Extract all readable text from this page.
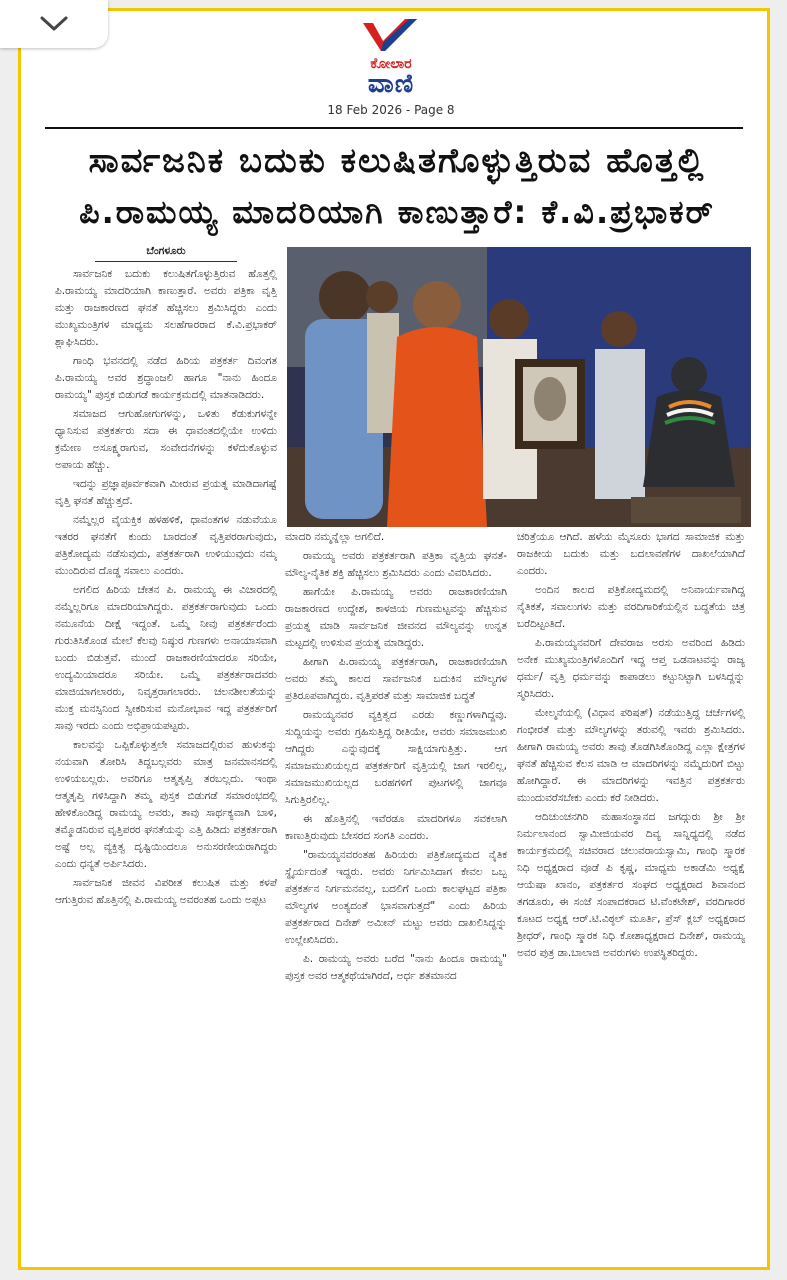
ಕೋಲಾರ
ವಾಣಿ
18 Feb 2026 - Page 8
ಸಾರ್ವಜನಿಕ ಬದುಕು ಕಲುಷಿತಗೊಳ್ಳುತ್ತಿರುವ ಹೊತ್ತಲ್ಲಿ
ಪಿ.ರಾಮಯ್ಯ ಮಾದರಿಯಾಗಿ ಕಾಣುತ್ತಾರೆ: ಕೆ.ವಿ.ಪ್ರಭಾಕರ್
ಬೆಂಗಳೂರು

ಸಾರ್ವಜನಿಕ ಬದುಕು ಕಲುಷಿತಗೊಳ್ಳುತ್ತಿರುವ ಹೊತ್ತಲ್ಲಿ ಪಿ.ರಾಮಯ್ಯ ಮಾದರಿಯಾಗಿ ಕಾಣುತ್ತಾರೆ. ಅವರು ಪತ್ರಿಕಾ ವೃತ್ತಿ ಮತ್ತು ರಾಜಕಾರಣದ ಘನತೆ ಹೆಚ್ಚಿಸಲು ಶ್ರಮಿಸಿದ್ದರು ಎಂದು ಮುಖ್ಯಮಂತ್ರಿಗಳ ಮಾಧ್ಯಮ ಸಲಹೆಗಾರರಾದ ಕೆ.ವಿ.ಪ್ರಭಾಕರ್ ಶ್ಲಾಘಿಸಿದರು.

ಗಾಂಧಿ ಭವನದಲ್ಲಿ ನಡೆದ ಹಿರಿಯ ಪತ್ರಕರ್ತ ದಿವಂಗತ ಪಿ.ರಾಮಯ್ಯ ಅವರ ಶ್ರದ್ಧಾಂಜಲಿ ಹಾಗೂ "ನಾನು ಹಿಂದೂ ರಾಮಯ್ಯ" ಪುಸ್ತಕ ಬಿಡುಗಡೆ ಕಾರ್ಯಕ್ರಮದಲ್ಲಿ ಮಾತನಾಡಿದರು.

ಸಮಾಜದ ಆಗುಹೋಗುಗಳನ್ನು, ಒಳಿತು ಕೆಡುಕುಗಳನ್ನೇ ಧ್ಯಾನಿಸುವ ಪತ್ರಕರ್ತರು ಸದಾ ಈ ಧಾವಂತದಲ್ಲಿಯೇ ಉಳಿದು ಕ್ರಮೇಣ ಅಸೂಕ್ಷ್ಮರಾಗುವ, ಸಂವೇದನೆಗಳನ್ನು ಕಳೆದುಕೊಳ್ಳುವ ಅಪಾಯ ಹೆಚ್ಚು.

ಇದನ್ನು ಪ್ರಜ್ಞಾಪೂರ್ವಕವಾಗಿ ಮೀರುವ ಪ್ರಯತ್ನ ಮಾಡಿದಾಗಷ್ಟೆ ವೃತ್ತಿ ಘನತೆ ಹೆಚ್ಚುತ್ತದೆ.

ನಮ್ಮೆಲ್ಲರ ವೈಯಕ್ತಿಕ ಹಳಹಳಿಕೆ, ಧಾವಂತಗಳ ನಡುವೆಯೂ ಇತರರ ಘನತೆಗೆ ಕುಂದು ಬಾರದಂತೆ ವೃತ್ತಿಪರರಾಗುವುದು, ಪತ್ರಿಕೋದ್ಯಮ ನಡೆಸುವುದು, ಪತ್ರಕರ್ತರಾಗಿ ಉಳಿಯುವುದು ನಮ್ಮ ಮುಂದಿರುವ ದೊಡ್ಡ ಸವಾಲು ಎಂದರು.

ಅಗಲಿದ ಹಿರಿಯ ಚೇತನ ಪಿ. ರಾಮಯ್ಯ ಈ ವಿಚಾರದಲ್ಲಿ ನಮ್ಮೆಲ್ಲರಿಗೂ ಮಾದರಿಯಾಗಿದ್ದರು. ಪತ್ರಕರ್ತರಾಗುವುದು ಒಂದು ನಮೂನೆಯ ದೀಕ್ಷೆ ಇದ್ದಂತೆ. ಒಮ್ಮೆ ನೀವು ಪತ್ರಕರ್ತರೆಂದು ಗುರುತಿಸಿಕೊಂಡ ಮೇಲೆ ಕೆಲವು ನಿಷ್ಠುರ ಗುಣಗಳು ಅನಾಯಾಸವಾಗಿ ಬಂದು ಬಿಡುತ್ತವೆ. ಮುಂದೆ ರಾಜಕಾರಣಿಯಾದರೂ ಸರಿಯೇ, ಉದ್ಯಮಿಯಾದರೂ ಸರಿಯೇ. ಒಮ್ಮೆ ಪತ್ರಕರ್ತರಾದವರು ಮಾಜಿಯಾಗಲಾರರು, ನಿವೃತ್ತರಾಗಲಾರರು. ಚಲನಶೀಲತೆಯನ್ನು ಮುಕ್ತ ಮನಸ್ಸಿನಿಂದ ಸ್ವೀಕರಿಸುವ ಮನೋಭಾವ ಇದ್ದ ಪತ್ರಕರ್ತರಿಗೆ ಸಾವು ಇರದು ಎಂದು ಅಭಿಪ್ರಾಯಪಟ್ಟರು.

ಕಾಲವನ್ನು ಒಪ್ಪಿಕೊಳ್ಳುತ್ತಲೇ ಸಮಾಜದಲ್ಲಿರುವ ಹುಳುಕನ್ನು ನಯವಾಗಿ ತೋರಿಸಿ ತಿದ್ದಬಲ್ಲವರು ಮಾತ್ರ ಜನಮಾನಸದಲ್ಲಿ ಉಳಿಯಬಲ್ಲರು. ಅವರಿಗೂ ಆತ್ಮತೃಪ್ತಿ ತರಬಲ್ಲದು. ಇಂಥಾ ಆತ್ಮತೃಪ್ತಿ ಗಳಿಸಿದ್ದಾಗಿ ತಮ್ಮ ಪುಸ್ತಕ ಬಿಡುಗಡೆ ಸಮಾರಂಭದಲ್ಲಿ ಹೇಳಿಕೊಂಡಿದ್ದ ರಾಮಯ್ಯ ಅವರು, ತಾವು ಸಾರ್ಥಕ್ಯವಾಗಿ ಬಾಳಿ, ತಮ್ಮೊಡನಿರುವ ವೃತ್ತಿಪರರ ಘನತೆಯನ್ನು ಎತ್ತಿ ಹಿಡಿದು ಪತ್ರಕರ್ತರಾಗಿ ಅಷ್ಟೆ ಅಲ್ಲ ವ್ಯಕ್ತಿತ್ವ ದೃಷ್ಟಿಯಿಂದಲೂ ಅನುಸರಣೀಯರಾಗಿದ್ದರು ಎಂದು ಧನ್ಯತೆ ಅರ್ಪಿಸಿದರು.

ಸಾರ್ವಜನಿಕ ಜೀವನ ವಿಪರೀತ ಕಲುಷಿತ ಮತ್ತು ಕಳಪೆ ಆಗುತ್ತಿರುವ ಹೊತ್ತಿನಲ್ಲಿ ಪಿ.ರಾಮಯ್ಯ ಅವರಂತಹ ಒಂದು ಅಪ್ಪಟ

ಮಾದರಿ ನಮ್ಮನ್ನೆಲ್ಲಾ ಅಗಲಿದೆ.

ರಾಮಯ್ಯ ಅವರು ಪತ್ರಕರ್ತರಾಗಿ ಪತ್ರಿಕಾ ವೃತ್ತಿಯ ಘನತೆ-ಮೌಲ್ಯ-ನೈತಿಕ ಶಕ್ತಿ ಹೆಚ್ಚಿಸಲು ಶ್ರಮಿಸಿದರು ಎಂದು ವಿವರಿಸಿದರು.

ಹಾಗೆಯೇ ಪಿ.ರಾಮಯ್ಯ ಅವರು ರಾಜಕಾರಣಿಯಾಗಿ ರಾಜಕಾರಣದ ಉದ್ದೇಶ, ಕಾಳಜಿಯ ಗುಣಮಟ್ಟವನ್ನು ಹೆಚ್ಚಿಸುವ ಪ್ರಯತ್ನ ಮಾಡಿ ಸಾರ್ವಜನಿಕ ಜೀವನದ ಮೌಲ್ಯವನ್ನು ಉನ್ನತ ಮಟ್ಟದಲ್ಲಿ ಉಳಿಸುವ ಪ್ರಯತ್ನ ಮಾಡಿದ್ದರು.

ಹೀಗಾಗಿ ಪಿ.ರಾಮಯ್ಯ ಪತ್ರಕರ್ತರಾಗಿ, ರಾಜಕಾರಣಿಯಾಗಿ ಅವರು ತಮ್ಮ ಕಾಲದ ಸಾರ್ವಜನಿಕ ಬದುಕಿನ ಮೌಲ್ಯಗಳ ಪ್ರತಿರೂಪವಾಗಿದ್ದರು. ವೃತ್ತಿಪರತೆ ಮತ್ತು ಸಾಮಾಜಿಕ ಬದ್ಧತೆ

ರಾಮಯ್ಯನವರ ವ್ಯಕ್ತಿತ್ವದ ಎರಡು ಕಣ್ಣುಗಳಾಗಿದ್ದವು. ಸುದ್ದಿಯನ್ನು ಅವರು ಗ್ರಹಿಸುತ್ತಿದ್ದ ರೀತಿಯೇ, ಅವರು ಸಮಾಜಮುಖಿ ಆಗಿದ್ದರು ಎನ್ನುವುದಕ್ಕೆ ಸಾಕ್ಷಿಯಾಗುತ್ತಿತ್ತು. ಆಗ ಸಮಾಜಮುಖಿಯಲ್ಲದ ಪತ್ರಕರ್ತರಿಗೆ ವೃತ್ತಿಯಲ್ಲಿ ಜಾಗ ಇರಲಿಲ್ಲ, ಸಮಾಜಮುಖಿಯಲ್ಲದ ಬರಹಗಳಿಗೆ ಪುಟಗಳಲ್ಲಿ ಜಾಗವೂ ಸಿಗುತ್ತಿರಲಿಲ್ಲ.

ಈ ಹೊತ್ತಿನಲ್ಲಿ ಇವೆರಡೂ ಮಾದರಿಗಳೂ ಸವಕಲಾಗಿ ಕಾಣುತ್ತಿರುವುದು ಬೇಸರದ ಸಂಗತಿ ಎಂದರು.

"ರಾಮಯ್ಯನವರಂತಹ ಹಿರಿಯರು ಪತ್ರಿಕೋದ್ಯಮದ ನೈತಿಕ ಸ್ಥೈರ್ಯದಂತೆ ಇದ್ದರು. ಅವರು ನಿರ್ಗಮಿಸಿದಾಗ ಕೇವಲ ಒಬ್ಬ ಪತ್ರಕರ್ತನ ನಿರ್ಗಮನವಲ್ಲ, ಬದಲಿಗೆ ಒಂದು ಕಾಲಘಟ್ಟದ ಪತ್ರಿಕಾ ಮೌಲ್ಯಗಳ ಅಂತ್ಯದಂತೆ ಭಾಸವಾಗುತ್ತದೆ" ಎಂದು ಹಿರಿಯ ಪತ್ರಕರ್ತರಾದ ದಿನೇಶ್ ಅಮೀನ್ ಮಟ್ಟು ಅವರು ದಾಖಲಿಸಿದ್ದನ್ನು ಉಲ್ಲೇಖಿಸಿದರು.

ಪಿ. ರಾಮಯ್ಯ ಅವರು ಬರೆದ "ನಾನು ಹಿಂದೂ ರಾಮಯ್ಯ" ಪುಸ್ತಕ ಅವರ ಆತ್ಮಕಥೆಯಾಗಿರದೆ, ಅರ್ಧ ಶತಮಾನದ

ಚರಿತ್ರೆಯೂ ಆಗಿದೆ. ಹಳೆಯ ಮೈಸೂರು ಭಾಗದ ಸಾಮಾಜಿಕ ಮತ್ತು ರಾಜಕೀಯ ಬದುಕು ಮತ್ತು ಬದಲಾವಣೆಗಳ ದಾಖಲೆಯಾಗಿದೆ ಎಂದರು.

ಅಂದಿನ ಕಾಲದ ಪತ್ರಿಕೋದ್ಯಮದಲ್ಲಿ ಅನಿವಾರ್ಯವಾಗಿದ್ದ ನೈತಿಕತೆ, ಸವಾಲುಗಳು ಮತ್ತು ವರದಿಗಾರಿಕೆಯಲ್ಲಿನ ಬದ್ಧತೆಯ ಚಿತ್ರ ಬರೆದಿಟ್ಟಂತಿದೆ.

ಪಿ.ರಾಮಯ್ಯನವರಿಗೆ ದೇವರಾಜ ಅರಸು ಅವರಿಂದ ಹಿಡಿದು ಅನೇಕ ಮುಖ್ಯಮಂತ್ರಿಗಳೊಂದಿಗೆ ಇದ್ದ ಆಪ್ತ ಒಡನಾಟವನ್ನು ರಾಜ್ಯ ಧರ್ಮ/ ವೃತ್ತಿ ಧರ್ಮವನ್ನು ಕಾಪಾಡಲು ಕಟ್ಟುನಿಟ್ಟಾಗಿ ಬಳಸಿದ್ದನ್ನು ಸ್ಮರಿಸಿದರು.

ಮೇಲ್ಮನೆಯಲ್ಲಿ (ವಿಧಾನ ಪರಿಷತ್) ನಡೆಯುತ್ತಿದ್ದ ಚರ್ಚೆಗಳಲ್ಲಿ ಗಂಭೀರತೆ ಮತ್ತು ಮೌಲ್ಯಗಳನ್ನು ತರುವಲ್ಲಿ ಇವರು ಶ್ರಮಿಸಿದರು. ಹೀಗಾಗಿ ರಾಮಯ್ಯ ಅವರು ತಾವು ತೊಡಗಿಸಿಕೊಂಡಿದ್ದ ಎಲ್ಲಾ ಕ್ಷೇತ್ರಗಳ ಘನತೆ ಹೆಚ್ಚಿಸುವ ಕೆಲಸ ಮಾಡಿ ಆ ಮಾದರಿಗಳನ್ನು ನಮ್ಮೆದುರಿಗೆ ಬಿಟ್ಟು ಹೋಗಿದ್ದಾರೆ. ಈ ಮಾದರಿಗಳನ್ನು ಇವತ್ತಿನ ಪತ್ರಕರ್ತರು ಮುಂದುವರೆಸಬೇಕು ಎಂದು ಕರೆ ನೀಡಿದರು.

ಆದಿಚುಂಚನಗಿರಿ ಮಹಾಸಂಸ್ಥಾನದ ಜಗದ್ಗುರು ಶ್ರೀ ಶ್ರೀ ನಿರ್ಮಲಾನಂದ ಸ್ವಾಮೀಜಿಯವರ ದಿವ್ಯ ಸಾನ್ನಿಧ್ಯದಲ್ಲಿ ನಡೆದ ಕಾರ್ಯಕ್ರಮದಲ್ಲಿ ಸಚಿವರಾದ ಚಲುವರಾಯಸ್ವಾಮಿ, ಗಾಂಧಿ ಸ್ಮಾರಕ ನಿಧಿ ಅಧ್ಯಕ್ಷರಾದ ವೂಡೆ ಪಿ ಕೃಷ್ಣ, ಮಾಧ್ಯಮ ಅಕಾಡೆಮಿ ಅಧ್ಯಕ್ಷೆ ಆಯೆಷಾ ಖಾನಂ, ಪತ್ರಕರ್ತರ ಸಂಘದ ಅಧ್ಯಕ್ಷರಾದ ಶಿವಾನಂದ ತಗಡೂರು, ಈ ಸಂಜೆ ಸಂಪಾದಕರಾದ ಟಿ.ವೆಂಕಟೇಶ್, ವರದಿಗಾರರ ಕೂಟದ ಅಧ್ಯಕ್ಷ ಆರ್.ಟಿ.ವಿಠ್ಠಲ್ ಮೂರ್ತಿ, ಪ್ರೆಸ್ ಕ್ಲಬ್ ಅಧ್ಯಕ್ಷರಾದ ಶ್ರೀಧರ್, ಗಾಂಧಿ ಸ್ಮಾರಕ ನಿಧಿ ಕೋಶಾಧ್ಯಕ್ಷರಾದ ದಿನೇಶ್, ರಾಮಯ್ಯ ಅವರ ಪುತ್ರ ಡಾ.ಬಾಲಾಜಿ ಅವರುಗಳು ಉಪಸ್ಥಿತರಿದ್ದರು.
